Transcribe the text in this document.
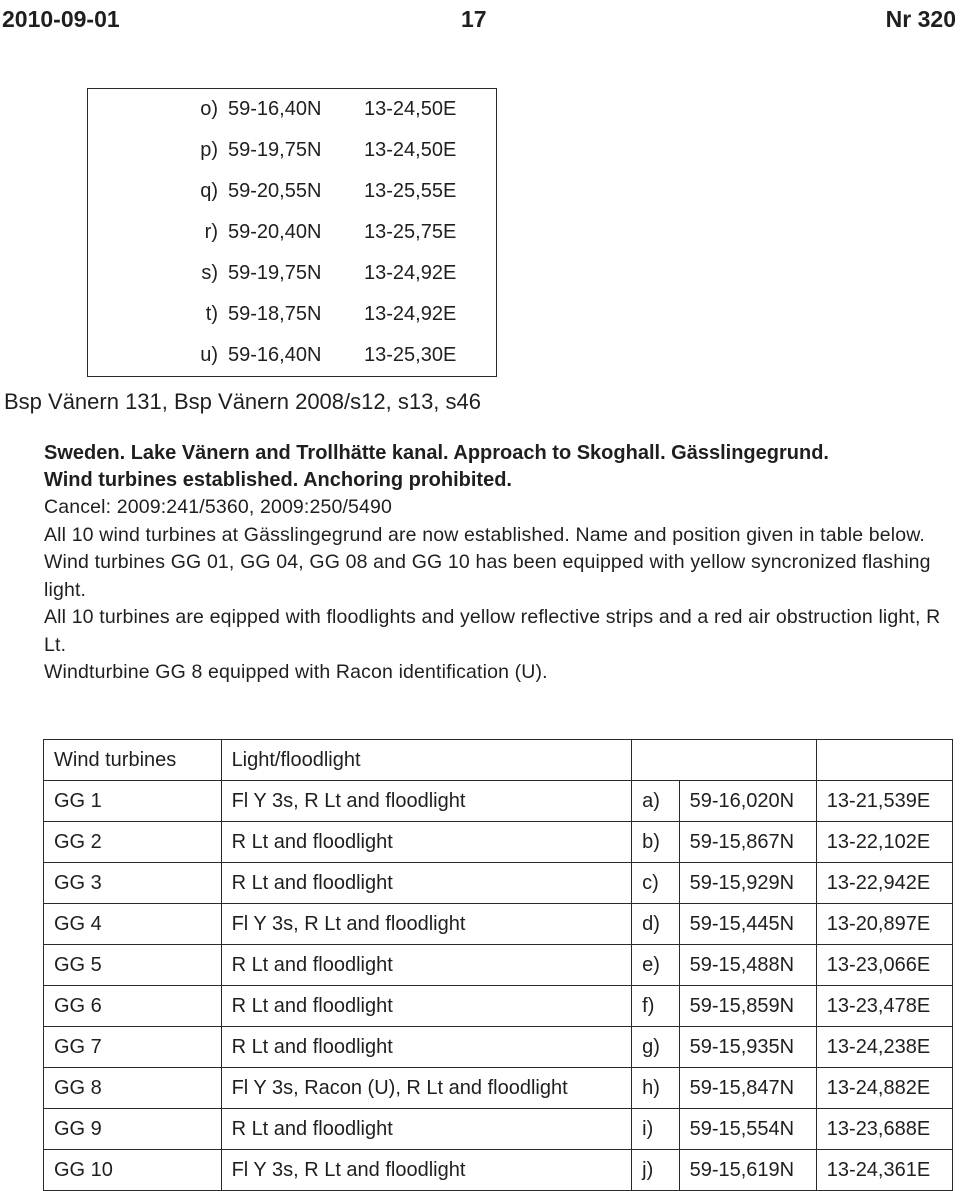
2010-09-01	17	Nr 320
o)	59-16,40N	13-24,50E
p)	59-19,75N	13-24,50E
q)	59-20,55N	13-25,55E
r)	59-20,40N	13-25,75E
s)	59-19,75N	13-24,92E
t)	59-18,75N	13-24,92E
u)	59-16,40N	13-25,30E
Bsp Vänern 131, Bsp Vänern 2008/s12, s13, s46

Sweden. Lake Vänern and Trollhätte kanal. Approach to Skoghall. Gässlingegrund.

Wind turbines established. Anchoring prohibited.

Cancel: 2009:241/5360, 2009:250/5490

All 10 wind turbines at Gässlingegrund are now established. Name and position given in table below.

Wind turbines GG 01, GG 04, GG 08 and GG 10 has been equipped with yellow syncronized flashing light.

All 10 turbines are eqipped with floodlights and yellow reflective strips and a red air obstruction light, R Lt.

Windturbine GG 8 equipped with Racon identification (U).

Wind turbines	Light/floodlight			
GG 1	Fl Y 3s, R Lt and floodlight	a)	59-16,020N	13-21,539E
GG 2	R Lt and floodlight	b)	59-15,867N	13-22,102E
GG 3	R Lt and floodlight	c)	59-15,929N	13-22,942E
GG 4	Fl Y 3s, R Lt and floodlight	d)	59-15,445N	13-20,897E
GG 5	R Lt and floodlight	e)	59-15,488N	13-23,066E
GG 6	R Lt and floodlight	f)	59-15,859N	13-23,478E
GG 7	R Lt and floodlight	g)	59-15,935N	13-24,238E
GG 8	Fl Y 3s, Racon (U), R Lt and floodlight	h)	59-15,847N	13-24,882E
GG 9	R Lt and floodlight	i)	59-15,554N	13-23,688E
GG 10	Fl Y 3s, R Lt and floodlight	j)	59-15,619N	13-24,361E
